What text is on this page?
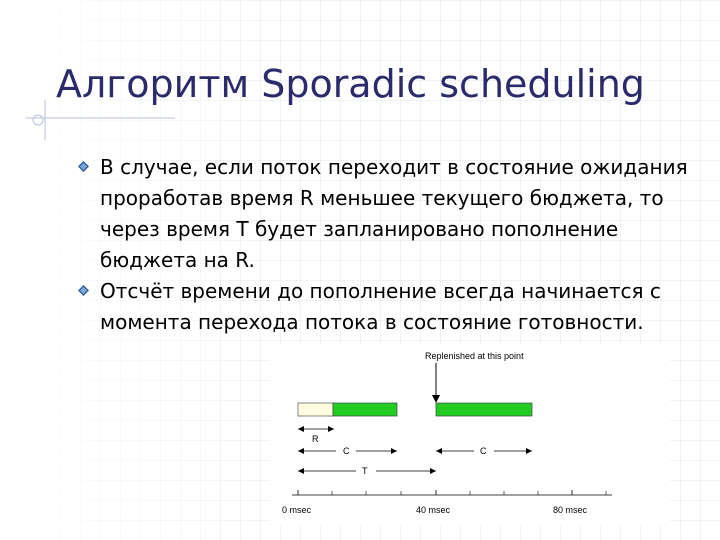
Алгоритм Sporadic scheduling
В случае, если поток переходит в состояние ожидания проработав время R меньшее текущего бюджета, то через время T будет запланировано пополнение бюджета на R.
Отсчёт времени до пополнение всегда начинается с момента перехода потока в состояние готовности.
Replenished at this point
R
C	C
T
0 msec	40 msec	80 msec
